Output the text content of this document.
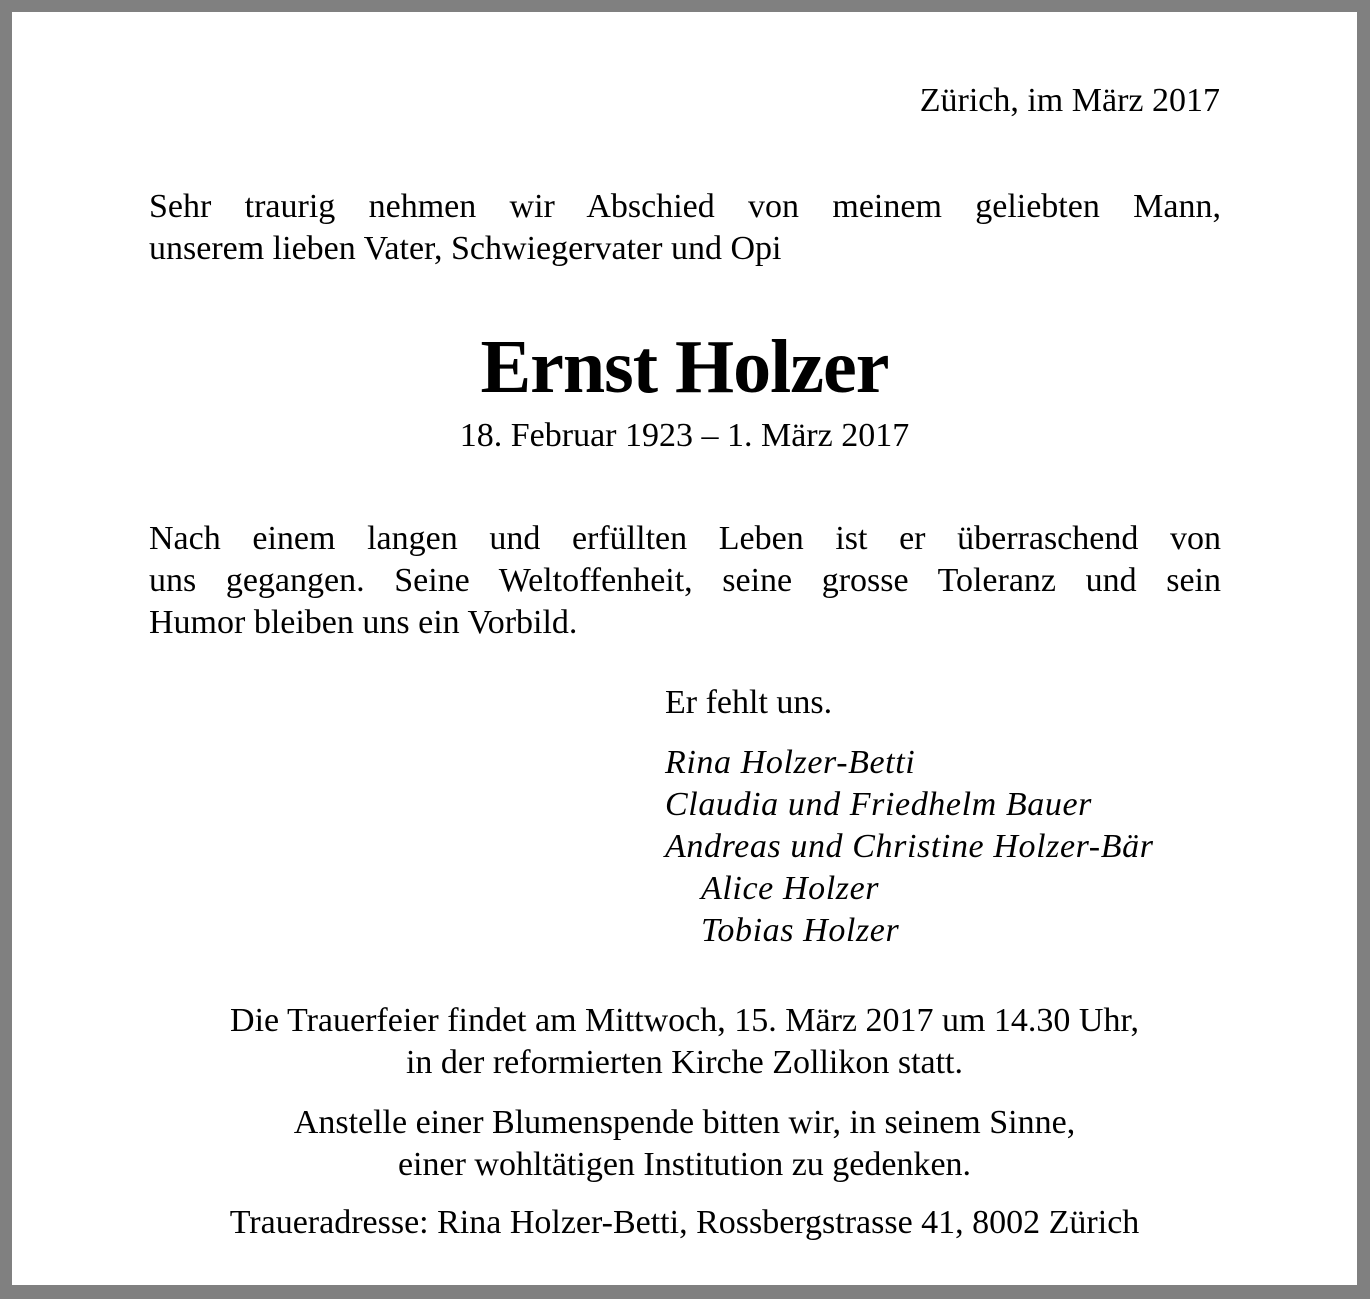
Zürich, im März 2017
Sehr traurig nehmen wir Abschied von meinem geliebten Mann,
unserem lieben Vater, Schwiegervater und Opi
Ernst Holzer
18. Februar 1923 – 1. März 2017
Nach einem langen und erfüllten Leben ist er überraschend von
uns gegangen. Seine Weltoffenheit, seine grosse Toleranz und sein
Humor bleiben uns ein Vorbild.
Er fehlt uns.
Rina Holzer-Betti
Claudia und Friedhelm Bauer
Andreas und Christine Holzer-Bär
Alice Holzer
Tobias Holzer
Die Trauerfeier findet am Mittwoch, 15. März 2017 um 14.30 Uhr,
in der reformierten Kirche Zollikon statt.
Anstelle einer Blumenspende bitten wir, in seinem Sinne,
einer wohltätigen Institution zu gedenken.
Traueradresse: Rina Holzer-Betti, Rossbergstrasse 41, 8002 Zürich
